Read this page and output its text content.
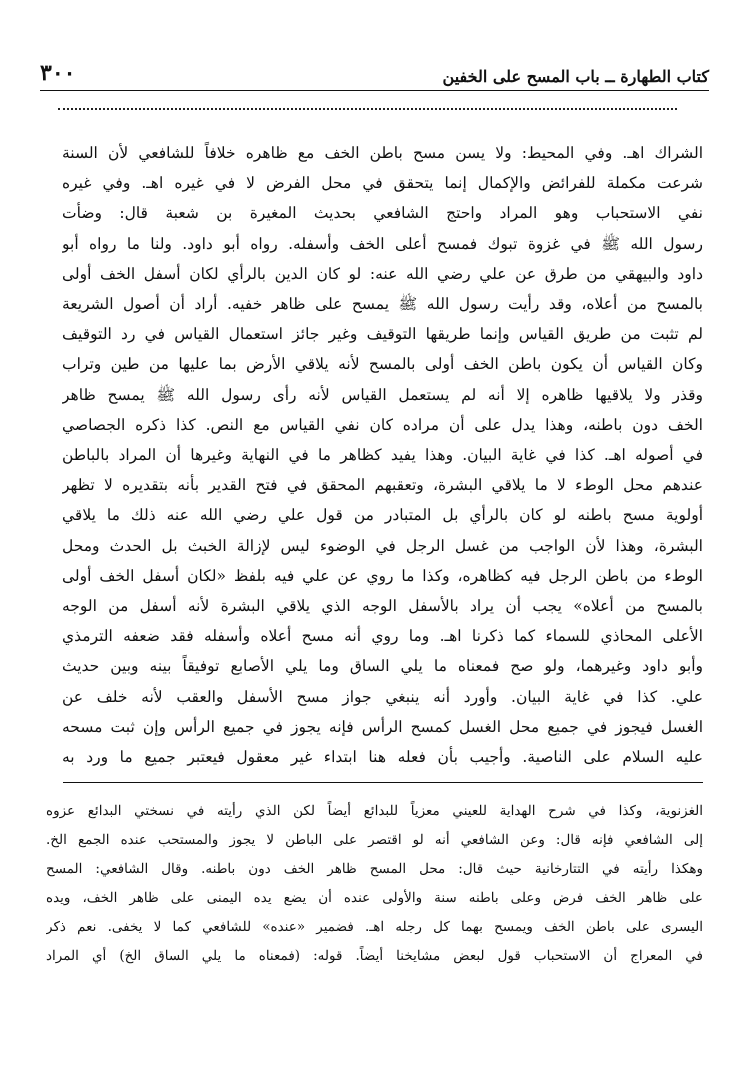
كتاب الطهارة ــ باب المسح على الخفين
٣٠٠
الشراك اهـ. وفي المحيط: ولا يسن مسح باطن الخف مع ظاهره خلافاً للشافعي لأن السنة
شرعت مكملة للفرائض والإكمال إنما يتحقق في محل الفرض لا في غيره اهـ. وفي غيره
نفي الاستحباب وهو المراد واحتج الشافعي بحديث المغيرة بن شعبة قال: وضأت
رسول الله ﷺ في غزوة تبوك فمسح أعلى الخف وأسفله. رواه أبو داود. ولنا ما رواه أبو
داود والبيهقي من طرق عن علي رضي الله عنه: لو كان الدين بالرأي لكان أسفل الخف أولى
بالمسح من أعلاه، وقد رأيت رسول الله ﷺ يمسح على ظاهر خفيه. أراد أن أصول الشريعة
لم تثبت من طريق القياس وإنما طريقها التوقيف وغير جائز استعمال القياس في رد التوقيف
وكان القياس أن يكون باطن الخف أولى بالمسح لأنه يلاقي الأرض بما عليها من طين وتراب
وقذر ولا يلاقيها ظاهره إلا أنه لم يستعمل القياس لأنه رأى رسول الله ﷺ يمسح ظاهر
الخف دون باطنه، وهذا يدل على أن مراده كان نفي القياس مع النص. كذا ذكره الجصاصي
في أصوله اهـ. كذا في غاية البيان. وهذا يفيد كظاهر ما في النهاية وغيرها أن المراد بالباطن
عندهم محل الوطء لا ما يلاقي البشرة، وتعقبهم المحقق في فتح القدير بأنه بتقديره لا تظهر
أولوية مسح باطنه لو كان بالرأي بل المتبادر من قول علي رضي الله عنه ذلك ما يلاقي
البشرة، وهذا لأن الواجب من غسل الرجل في الوضوء ليس لإزالة الخبث بل الحدث ومحل
الوطء من باطن الرجل فيه كظاهره، وكذا ما روي عن علي فيه بلفظ «لكان أسفل الخف أولى
بالمسح من أعلاه» يجب أن يراد بالأسفل الوجه الذي يلاقي البشرة لأنه أسفل من الوجه
الأعلى المحاذي للسماء كما ذكرنا اهـ. وما روي أنه مسح أعلاه وأسفله فقد ضعفه الترمذي
وأبو داود وغيرهما، ولو صح فمعناه ما يلي الساق وما يلي الأصابع توفيقاً بينه وبين حديث
علي. كذا في غاية البيان. وأورد أنه ينبغي جواز مسح الأسفل والعقب لأنه خلف عن
الغسل فيجوز في جميع محل الغسل كمسح الرأس فإنه يجوز في جميع الرأس وإن ثبت مسحه
عليه السلام على الناصية. وأجيب بأن فعله هنا ابتداء غير معقول فيعتبر جميع ما ورد به
الغزنوية، وكذا في شرح الهداية للعيني معزياً للبدائع أيضاً لكن الذي رأيته في نسختي البدائع عزوه
إلى الشافعي فإنه قال: وعن الشافعي أنه لو اقتصر على الباطن لا يجوز والمستحب عنده الجمع الخ.
وهكذا رأيته في التتارخانية حيث قال: محل المسح ظاهر الخف دون باطنه. وقال الشافعي: المسح
على ظاهر الخف فرض وعلى باطنه سنة والأولى عنده أن يضع يده اليمنى على ظاهر الخف، ويده
اليسرى على باطن الخف ويمسح بهما كل رجله اهـ. فضمير «عنده» للشافعي كما لا يخفى. نعم ذكر
في المعراج أن الاستحباب قول لبعض مشايخنا أيضاً. قوله: (فمعناه ما يلي الساق الخ) أي المراد
